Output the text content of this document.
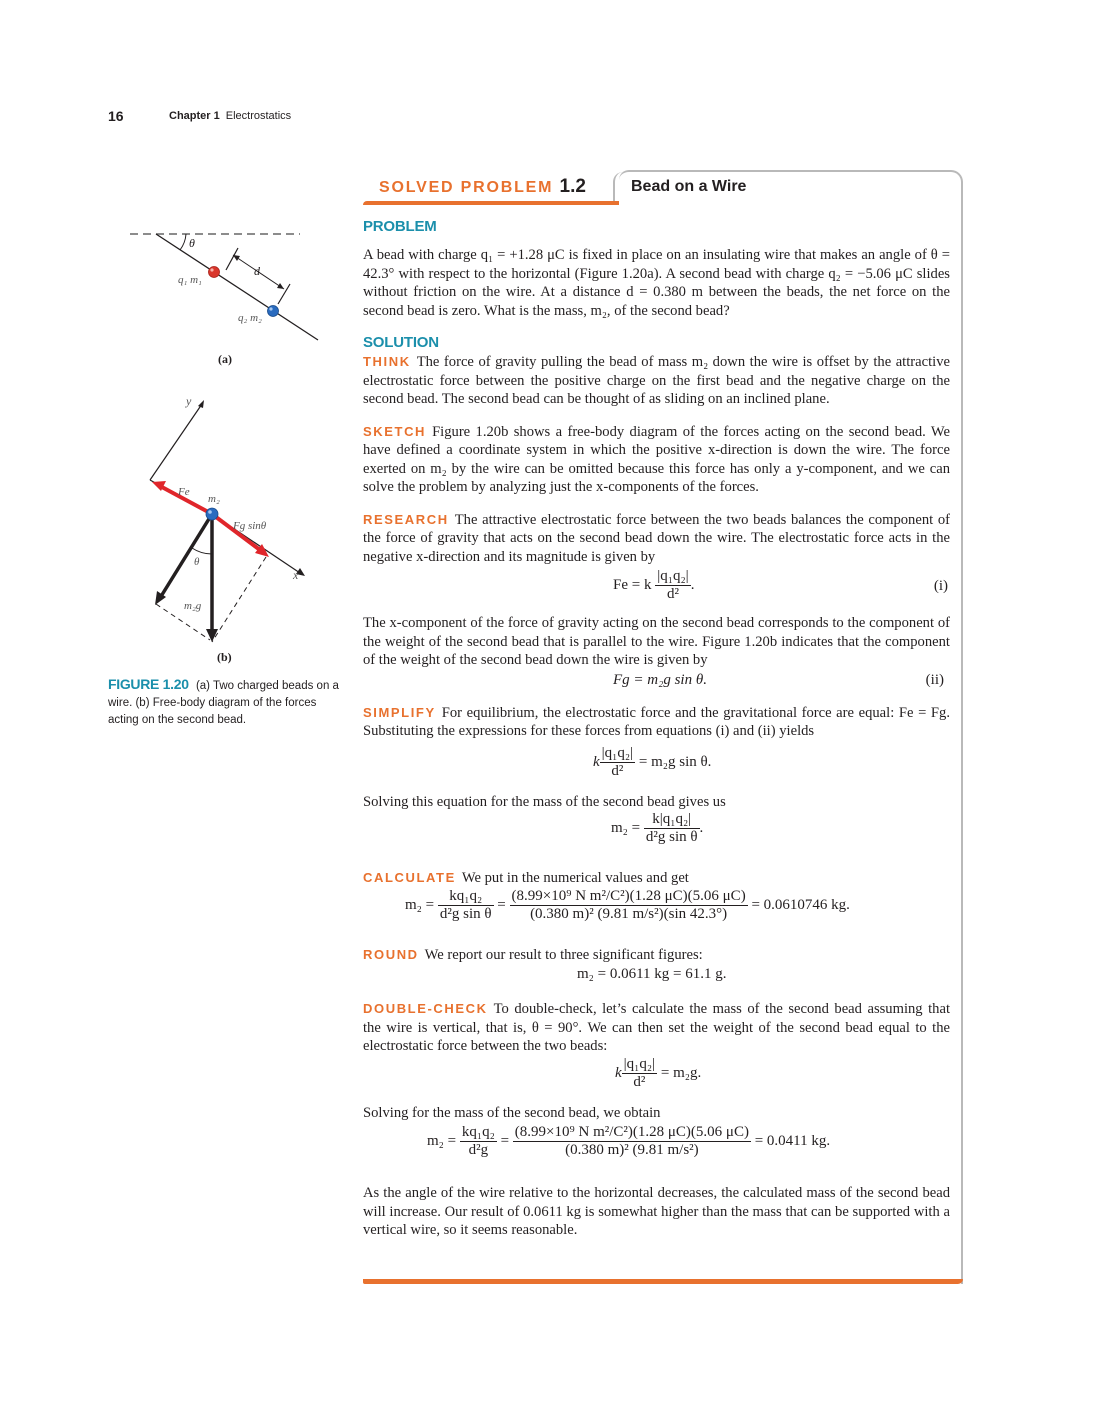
16	Chapter 1 Electrostatics
θ
d
q₁ m₁
q₂ m₂
(a)
y
x
Fe
m₂
Fg sinθ
θ
m₂g
(b)
FIGURE 1.20 (a) Two charged beads on a wire. (b) Free-body diagram of the forces acting on the second bead.
SOLVED PROBLEM 1.2	Bead on a Wire
PROBLEM

A bead with charge q₁ = +1.28 μC is fixed in place on an insulating wire that makes an angle of θ = 42.3° with respect to the horizontal (Figure 1.20a). A second bead with charge q₂ = −5.06 μC slides without friction on the wire. At a distance d = 0.380 m between the beads, the net force on the second bead is zero. What is the mass, m₂, of the second bead?

SOLUTION

THINK The force of gravity pulling the bead of mass m₂ down the wire is offset by the attractive electrostatic force between the positive charge on the first bead and the negative charge on the second bead. The second bead can be thought of as sliding on an inclined plane.

SKETCH Figure 1.20b shows a free-body diagram of the forces acting on the second bead. We have defined a coordinate system in which the positive x-direction is down the wire. The force exerted on m₂ by the wire can be omitted because this force has only a y-component, and we can solve the problem by analyzing just the x-components of the forces.

RESEARCH The attractive electrostatic force between the two beads balances the component of the force of gravity that acts on the second bead down the wire. The electrostatic force acts in the negative x-direction and its magnitude is given by

Fe = k $\frac{\text{|q₁q₂|}}{\text{d²}}$ .	(i)

The x-component of the force of gravity acting on the second bead corresponds to the component of the weight of the second bead that is parallel to the wire. Figure 1.20b indicates that the component of the weight of the second bead down the wire is given by

Fg = m₂g sin θ.	(ii)

SIMPLIFY For equilibrium, the electrostatic force and the gravitational force are equal: Fe = Fg. Substituting the expressions for these forces from equations (i) and (ii) yields

k $\frac{\text{|q₁q₂|}}{\text{d²}} = m_2g$ sin θ.

Solving this equation for the mass of the second bead gives us

$m_2 = \frac{\text{k|q₁q₂|}}{\text{d²g sin θ}}$ .

CALCULATE We put in the numerical values and get

$m_2 = \frac{\text{kq₁q₂}}{\text{d²g sin θ}} = \frac{\text{(8.99×10⁹ N m²/C²)(1.28 μC)(5.06 μC)}}{\text{(0.380 m)² (9.81 m/s²)(sin 42.3°)}} = 0.0610746$ kg.

ROUND We report our result to three significant figures:

m₂ = 0.0611 kg = 61.1 g.

DOUBLE-CHECK To double-check, let’s calculate the mass of the second bead assuming that the wire is vertical, that is, θ = 90°. We can then set the weight of the second bead equal to the electrostatic force between the two beads:

k $\frac{\text{|q₁q₂|}}{\text{d²}} = m_2g$.

Solving for the mass of the second bead, we obtain

$m_2 = \frac{\text{kq₁q₂}}{\text{d²g}} = \frac{\text{(8.99×10⁹ N m²/C²)(1.28 μC)(5.06 μC)}}{\text{(0.380 m)² (9.81 m/s²)}} = 0.0411$ kg.

As the angle of the wire relative to the horizontal decreases, the calculated mass of the second bead will increase. Our result of 0.0611 kg is somewhat higher than the mass that can be supported with a vertical wire, so it seems reasonable.
